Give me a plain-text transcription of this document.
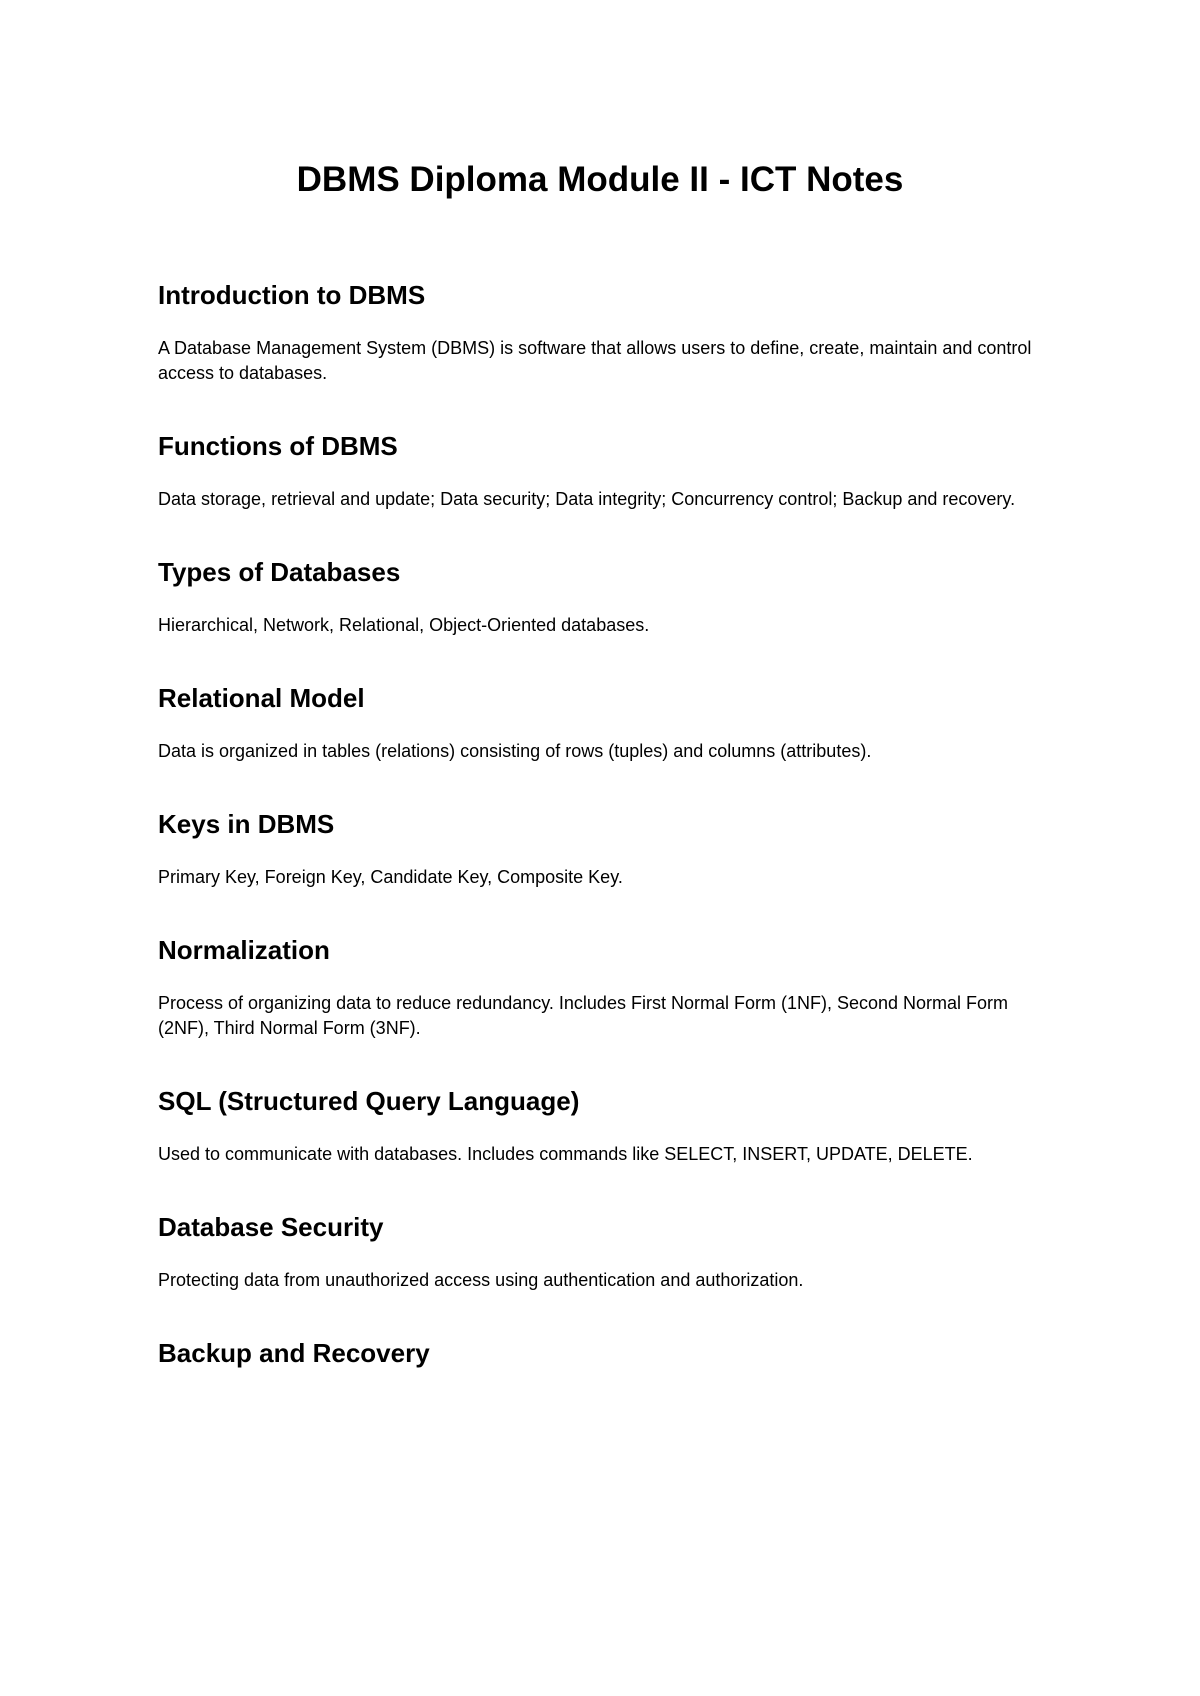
DBMS Diploma Module II - ICT Notes
Introduction to DBMS

A Database Management System (DBMS) is software that allows users to define, create, maintain and control access to databases.

Functions of DBMS

Data storage, retrieval and update; Data security; Data integrity; Concurrency control; Backup and recovery.

Types of Databases

Hierarchical, Network, Relational, Object-Oriented databases.

Relational Model

Data is organized in tables (relations) consisting of rows (tuples) and columns (attributes).

Keys in DBMS

Primary Key, Foreign Key, Candidate Key, Composite Key.

Normalization

Process of organizing data to reduce redundancy. Includes First Normal Form (1NF), Second Normal Form (2NF), Third Normal Form (3NF).

SQL (Structured Query Language)

Used to communicate with databases. Includes commands like SELECT, INSERT, UPDATE, DELETE.

Database Security

Protecting data from unauthorized access using authentication and authorization.

Backup and Recovery
